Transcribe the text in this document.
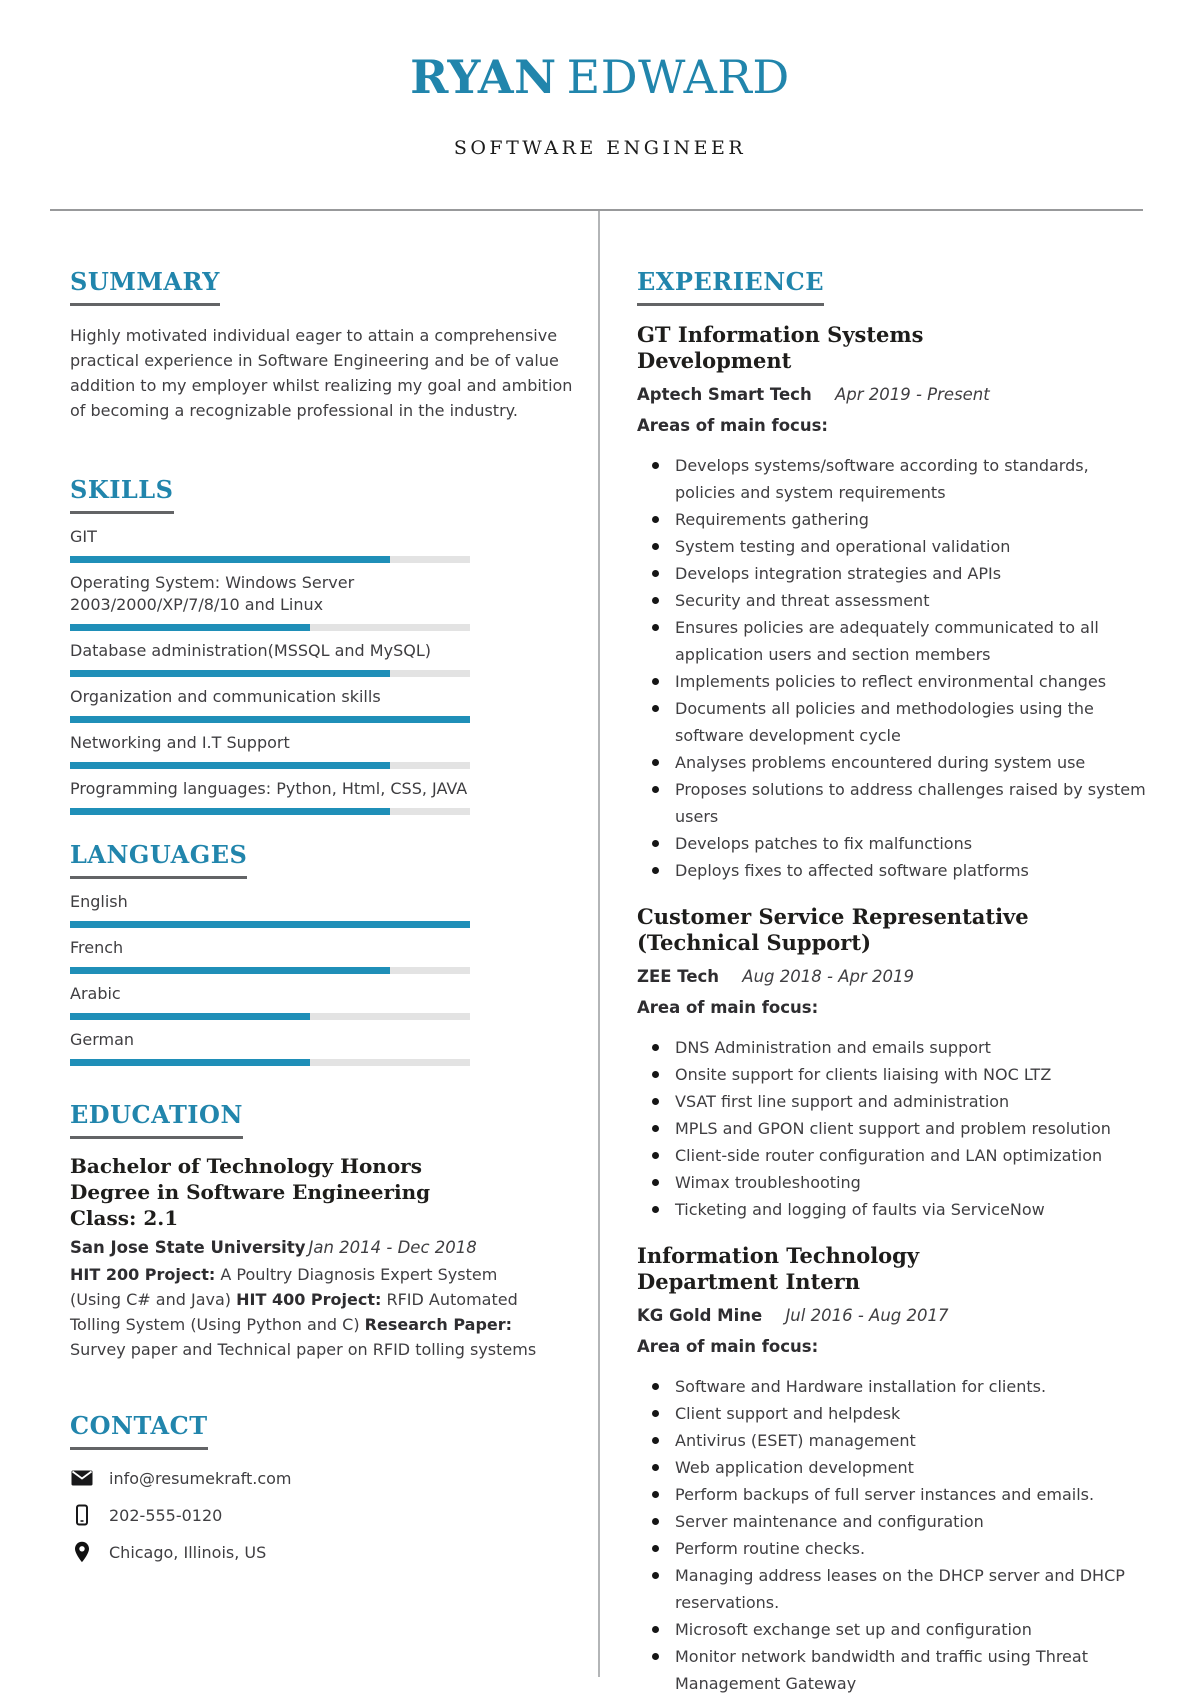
RYAN EDWARD
SOFTWARE ENGINEER
SUMMARY

Highly motivated individual eager to attain a comprehensive practical experience in Software Engineering and be of value addition to my employer whilst realizing my goal and ambition of becoming a recognizable professional in the industry.

SKILLS
GIT
Operating System: Windows Server 2003/2000/XP/7/8/10 and Linux
Database administration(MSSQL and MySQL)
Organization and communication skills
Networking and I.T Support
Programming languages: Python, Html, CSS, JAVA
LANGUAGES
English
French
Arabic
German
EDUCATION
Bachelor of Technology Honors Degree in Software Engineering Class: 2.1
San Jose State University Jan 2014 - Dec 2018
HIT 200 Project: A Poultry Diagnosis Expert System (Using C# and Java) HIT 400 Project: RFID Automated Tolling System (Using Python and C) Research Paper: Survey paper and Technical paper on RFID tolling systems
CONTACT
info@resumekraft.com
202-555-0120
Chicago, Illinois, US
EXPERIENCE
GT Information Systems Development
Aptech Smart Tech Apr 2019 - Present
Areas of main focus:
Develops systems/software according to standards, policies and system requirements
Requirements gathering
System testing and operational validation
Develops integration strategies and APIs
Security and threat assessment
Ensures policies are adequately communicated to all application users and section members
Implements policies to reflect environmental changes
Documents all policies and methodologies using the software development cycle
Analyses problems encountered during system use
Proposes solutions to address challenges raised by system users
Develops patches to fix malfunctions
Deploys fixes to affected software platforms
Customer Service Representative (Technical Support)
ZEE Tech Aug 2018 - Apr 2019
Area of main focus:
DNS Administration and emails support
Onsite support for clients liaising with NOC LTZ
VSAT first line support and administration
MPLS and GPON client support and problem resolution
Client-side router configuration and LAN optimization
Wimax troubleshooting
Ticketing and logging of faults via ServiceNow
Information Technology Department Intern
KG Gold Mine Jul 2016 - Aug 2017
Area of main focus:
Software and Hardware installation for clients.
Client support and helpdesk
Antivirus (ESET) management
Web application development
Perform backups of full server instances and emails.
Server maintenance and configuration
Perform routine checks.
Managing address leases on the DHCP server and DHCP reservations.
Microsoft exchange set up and configuration
Monitor network bandwidth and traffic using Threat Management Gateway
